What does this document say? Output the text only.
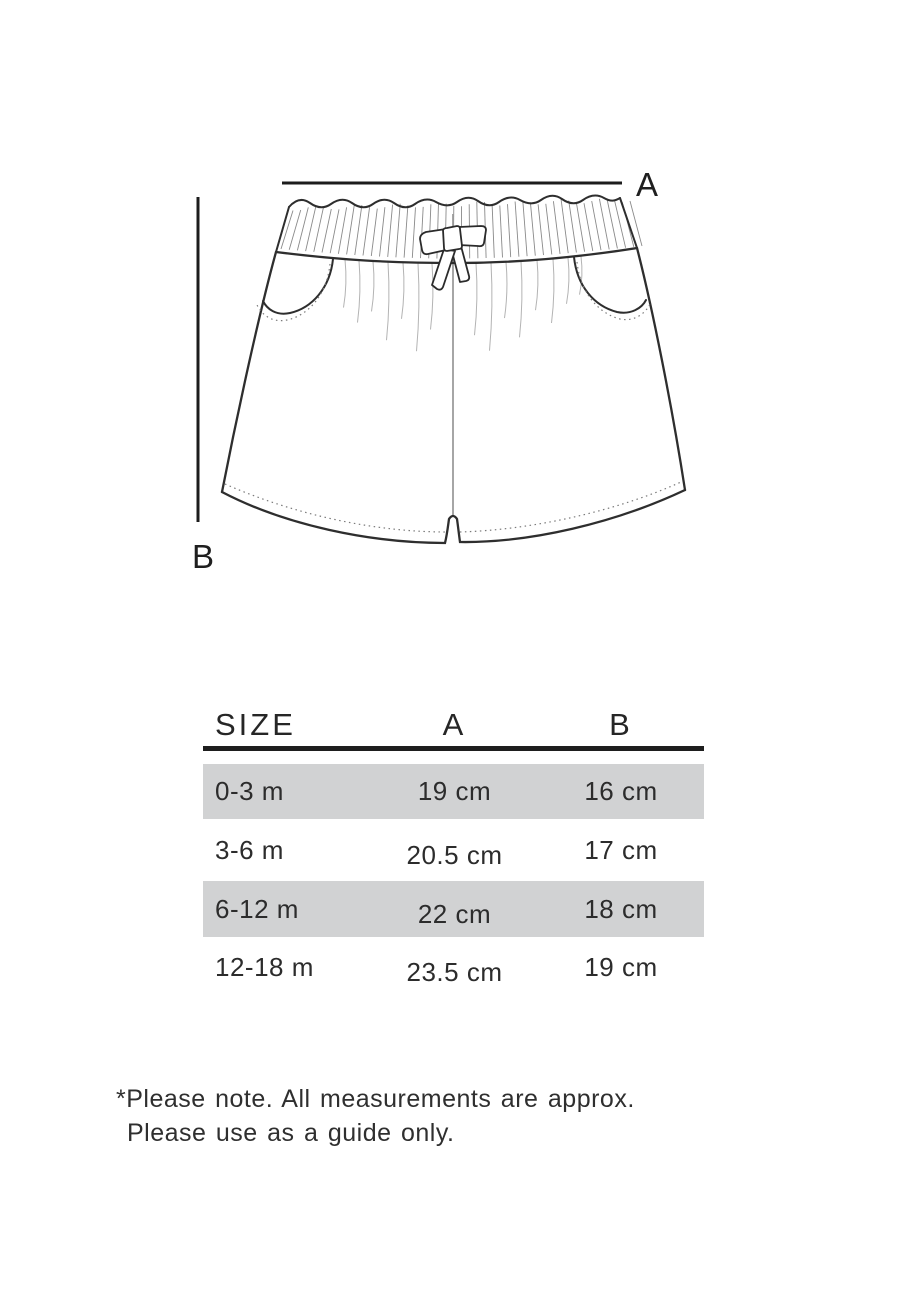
A
B
SIZE	A	B
0-3 m	19 cm	16 cm
3-6 m	20.5 cm	17 cm
6-12 m	22 cm	18 cm
12-18 m	23.5 cm	19 cm
*Please note. All measurements are approx.
Please use as a guide only.
